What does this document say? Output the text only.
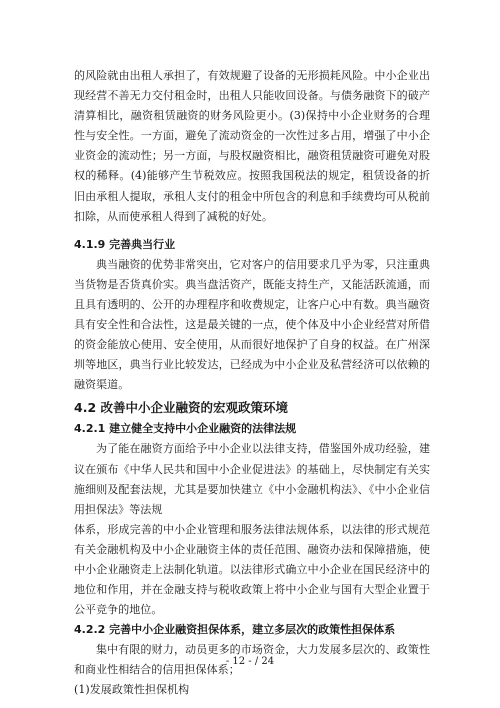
的风险就由出租人承担了，有效规避了设备的无形损耗风险。中小企业出现经营不善无力交付租金时，出租人只能收回设备。与债务融资下的破产清算相比，融资租赁融资的财务风险更小。(3)保持中小企业财务的合理性与安全性。一方面，避免了流动资金的一次性过多占用，增强了中小企业资金的流动性；另一方面，与股权融资相比，融资租赁融资可避免对股权的稀释。(4)能够产生节税效应。按照我国税法的规定，租赁设备的折旧由承租人提取，承租人支付的租金中所包含的利息和手续费均可从税前扣除，从而使承租人得到了减税的好处。

4.1.9 完善典当行业

典当融资的优势非常突出，它对客户的信用要求几乎为零，只注重典当货物是否货真价实。典当盘活资产，既能支持生产，又能活跃流通，而且具有透明的、公开的办理程序和收费规定，让客户心中有数。典当融资具有安全性和合法性，这是最关键的一点，使个体及中小企业经营对所借的资金能放心使用、安全使用，从而很好地保护了自身的权益。在广州深圳等地区，典当行业比较发达，已经成为中小企业及私营经济可以依赖的融资渠道。

4.2 改善中小企业融资的宏观政策环境
4.2.1 建立健全支持中小企业融资的法律法规

为了能在融资方面给予中小企业以法律支持，借鉴国外成功经验，建议在颁布《中华人民共和国中小企业促进法》的基础上，尽快制定有关实施细则及配套法规，尤其是要加快建立《中小金融机构法》、《中小企业信用担保法》等法规

体系，形成完善的中小企业管理和服务法律法规体系，以法律的形式规范有关金融机构及中小企业融资主体的责任范围、融资办法和保障措施，使中小企业融资走上法制化轨道。以法律形式确立中小企业在国民经济中的地位和作用，并在金融支持与税收政策上将中小企业与国有大型企业置于公平竞争的地位。

4.2.2 完善中小企业融资担保体系，建立多层次的政策性担保体系

集中有限的财力，动员更多的市场资金，大力发展多层次的、政策性和商业性相结合的信用担保体系；

(1)发展政策性担保机构

- 12 - / 24
